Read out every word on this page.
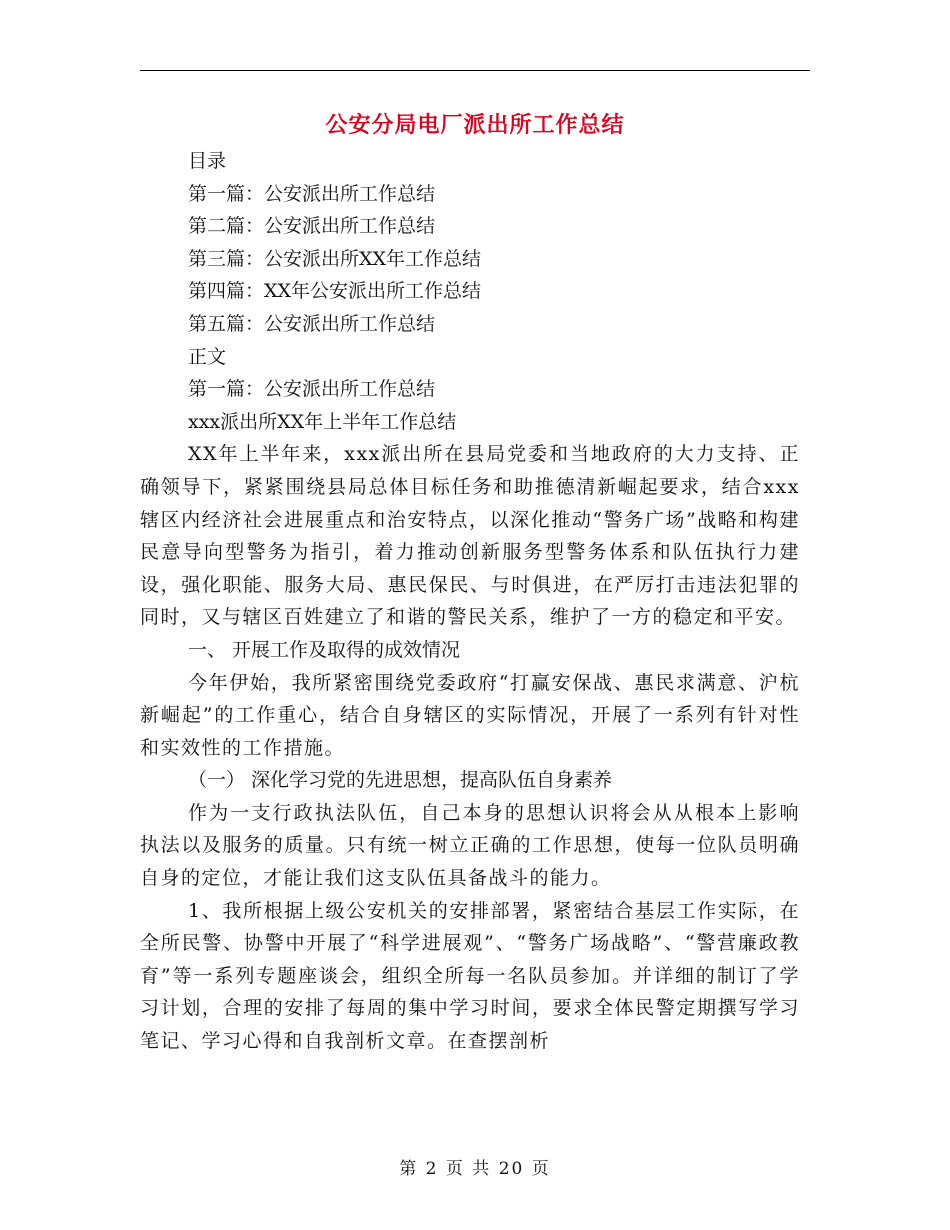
公安分局电厂派出所工作总结
目录
第一篇：公安派出所工作总结
第二篇：公安派出所工作总结
第三篇：公安派出所XX年工作总结
第四篇：XX年公安派出所工作总结
第五篇：公安派出所工作总结
正文
第一篇：公安派出所工作总结
xxx派出所XX年上半年工作总结

XX年上半年来，xxx派出所在县局党委和当地政府的大力支持、正确领导下，紧紧围绕县局总体目标任务和助推德清新崛起要求，结合xxx辖区内经济社会进展重点和治安特点，以深化推动“警务广场”战略和构建民意导向型警务为指引，着力推动创新服务型警务体系和队伍执行力建设，强化职能、服务大局、惠民保民、与时俱进，在严厉打击违法犯罪的同时，又与辖区百姓建立了和谐的警民关系，维护了一方的稳定和平安。

一、 开展工作及取得的成效情况

今年伊始，我所紧密围绕党委政府“打赢安保战、惠民求满意、沪杭新崛起”的工作重心，结合自身辖区的实际情况，开展了一系列有针对性和实效性的工作措施。

（一） 深化学习党的先进思想，提高队伍自身素养

作为一支行政执法队伍，自己本身的思想认识将会从从根本上影响执法以及服务的质量。只有统一树立正确的工作思想，使每一位队员明确自身的定位，才能让我们这支队伍具备战斗的能力。

1、我所根据上级公安机关的安排部署，紧密结合基层工作实际，在全所民警、协警中开展了“科学进展观”、“警务广场战略”、“警营廉政教育”等一系列专题座谈会，组织全所每一名队员参加。并详细的制订了学习计划，合理的安排了每周的集中学习时间，要求全体民警定期撰写学习笔记、学习心得和自我剖析文章。在查摆剖析

第 2 页 共 20 页
